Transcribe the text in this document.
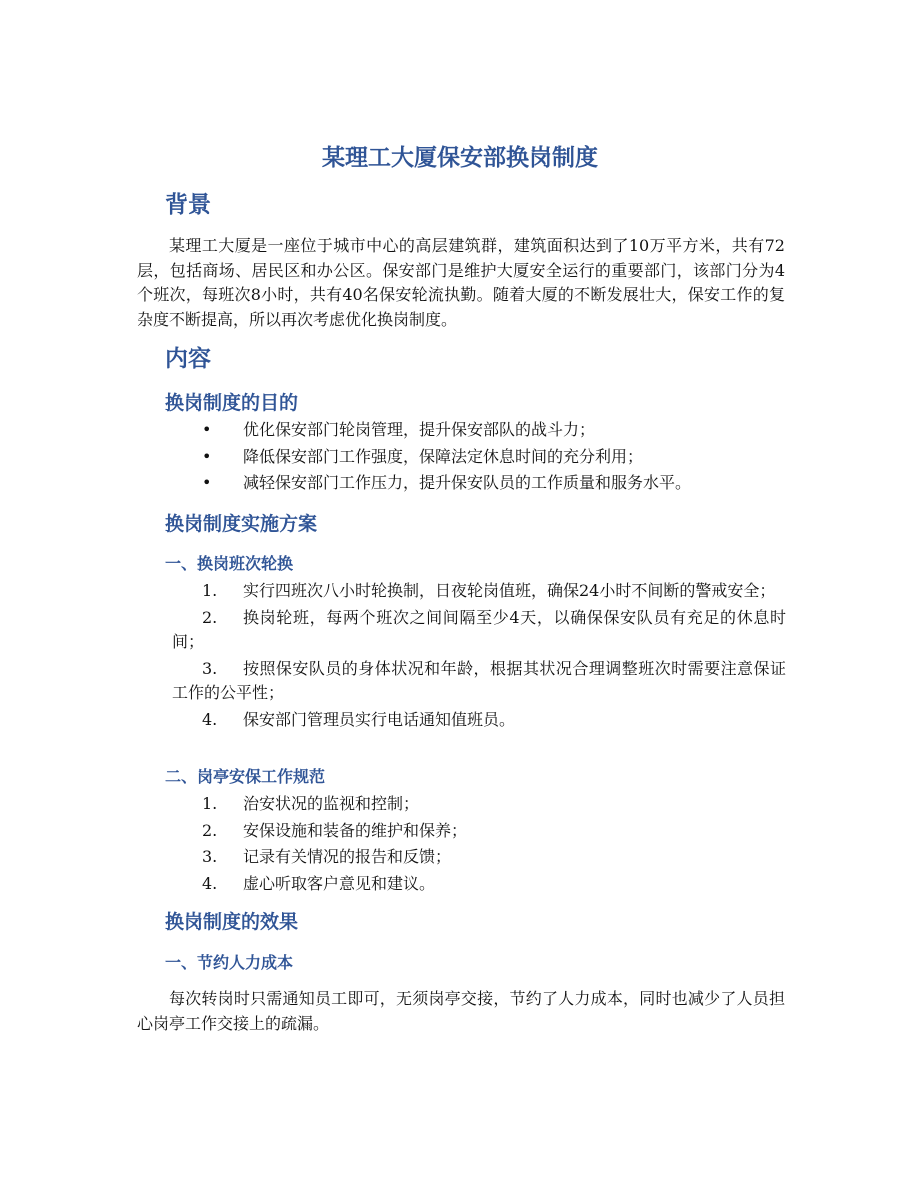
某理工大厦保安部换岗制度
背景

某理工大厦是一座位于城市中心的高层建筑群，建筑面积达到了10万平方米，共有72层，包括商场、居民区和办公区。保安部门是维护大厦安全运行的重要部门，该部门分为4个班次，每班次8小时，共有40名保安轮流执勤。随着大厦的不断发展壮大，保安工作的复杂度不断提高，所以再次考虑优化换岗制度。

内容
换岗制度的目的
• 优化保安部门轮岗管理，提升保安部队的战斗力；
• 降低保安部门工作强度，保障法定休息时间的充分利用；
• 减轻保安部门工作压力，提升保安队员的工作质量和服务水平。
换岗制度实施方案
一、换岗班次轮换
1.	实行四班次八小时轮换制，日夜轮岗值班，确保24小时不间断的警戒安全；
2.	换岗轮班，每两个班次之间间隔至少4天，以确保保安队员有充足的休息时间；
3.	按照保安队员的身体状况和年龄，根据其状况合理调整班次时需要注意保证工作的公平性；
4.	保安部门管理员实行电话通知值班员。
二、岗亭安保工作规范
1.	治安状况的监视和控制；
2.	安保设施和装备的维护和保养；
3.	记录有关情况的报告和反馈；
4.	虚心听取客户意见和建议。
换岗制度的效果
一、节约人力成本

每次转岗时只需通知员工即可，无须岗亭交接，节约了人力成本，同时也减少了人员担心岗亭工作交接上的疏漏。
